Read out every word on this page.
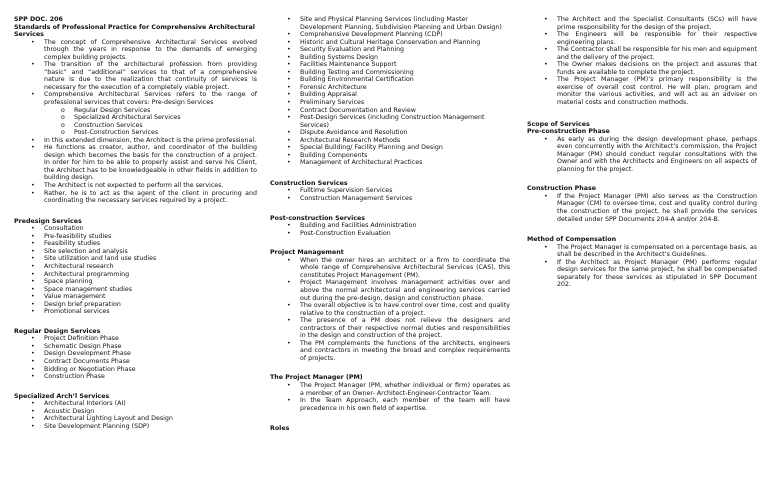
SPP DOC. 206
Standards of Professional Practice for Comprehensive Architectural Services
• The concept of Comprehensive Architectural Services evolved through the years in response to the demands of emerging complex building projects.
• The transition of the architectural profession from providing “basic” and “additional” services to that of a comprehensive nature is due to the realization that continuity of services is necessary for the execution of a completely viable project.
• Comprehensive Architectural Services refers to the range of professional services that covers: Pre-design Services
o Regular Design Services
o Specialized Architectural Services
o Construction Services
o Post-Construction Services
• In this extended dimension, the Architect is the prime professional.
• He functions as creator, author, and coordinator of the building design which becomes the basis for the construction of a project. In order for him to be able to properly assist and serve his Client, the Architect has to be knowledgeable in other fields in addition to building design.
• The Architect is not expected to perform all the services.
• Rather, he is to act as the agent of the client in procuring and coordinating the necessary services required by a project.
Predesign Services
• Consultation
• Pre-feasibility studies
• Feasibility studies
• Site selection and analysis
• Site utilization and land use studies
• Architectural research
• Architectural programming
• Space planning
• Space management studies
• Value management
• Design brief preparation
• Promotional services
Regular Design Services
• Project Definition Phase
• Schematic Design Phase
• Design Development Phase
• Contract Documents Phase
• Bidding or Negotiation Phase
• Construction Phase
Specialized Arch’l Services
• Architectural Interiors (AI)
• Acoustic Design
• Architectural Lighting Layout and Design
• Site Development Planning (SDP)
• Site and Physical Planning Services (including Master Development Planning, Subdivision Planning and Urban Design)
• Comprehensive Development Planning (CDP)
• Historic and Cultural Heritage Conservation and Planning
• Security Evaluation and Planning
• Building Systems Design
• Facilities Maintenance Support
• Building Testing and Commissioning
• Building Environmental Certification
• Forensic Architecture
• Building Appraisal
• Preliminary Services
• Contract Documentation and Review
• Post-Design Services (including Construction Management Services)
• Dispute Avoidance and Resolution
• Architectural Research Methods
• Special Building/ Facility Planning and Design
• Building Components
• Management of Architectural Practices
Construction Services
• Fulltime Supervision Services
• Construction Management Services
Post-construction Services
• Building and Facilities Administration
• Post-Construction Evaluation
Project Management
• When the owner hires an architect or a firm to coordinate the whole range of Comprehensive Architectural Services (CAS), this constitutes Project Management (PM).
• Project Management involves management activities over and above the normal architectural and engineering services carried out during the pre-design, design and construction phase.
• The overall objective is to have control over time, cost and quality relative to the construction of a project.
• The presence of a PM does not relieve the designers and contractors of their respective normal duties and responsibilities in the design and construction of the project.
• The PM complements the functions of the architects, engineers and contractors in meeting the broad and complex requirements of projects.
The Project Manager (PM)
• The Project Manager (PM, whether individual or firm) operates as a member of an Owner- Architect-Engineer-Contractor Team.
• In the Team Approach, each member of the team will have precedence in his own field of expertise.
Roles
• The Architect and the Specialist Consultants (SCs) will have prime responsibility for the design of the project.
• The Engineers will be responsible for their respective engineering plans.
• The Contractor shall be responsible for his men and equipment and the delivery of the project.
• The Owner makes decisions on the project and assures that funds are available to complete the project.
• The Project Manager (PM)’s primary responsibility is the exercise of overall cost control. He will plan, program and monitor the various activities, and will act as an adviser on material costs and construction methods.
Scope of Services
Pre-construction Phase
• As early as during the design development phase, perhaps even concurrently with the Architect’s commission, the Project Manager (PM) should conduct regular consultations with the Owner and with the Architects and Engineers on all aspects of planning for the project.
Construction Phase
• If the Project Manager (PM) also serves as the Construction Manager (CM) to oversee time, cost and quality control during the construction of the project, he shall provide the services detailed under SPP Documents 204-A and/or 204-B.
Method of Compensation
• The Project Manager is compensated on a percentage basis, as shall be described in the Architect’s Guidelines.
• If the Architect as Project Manager (PM) performs regular design services for the same project, he shall be compensated separately for these services as stipulated in SPP Document 202.
